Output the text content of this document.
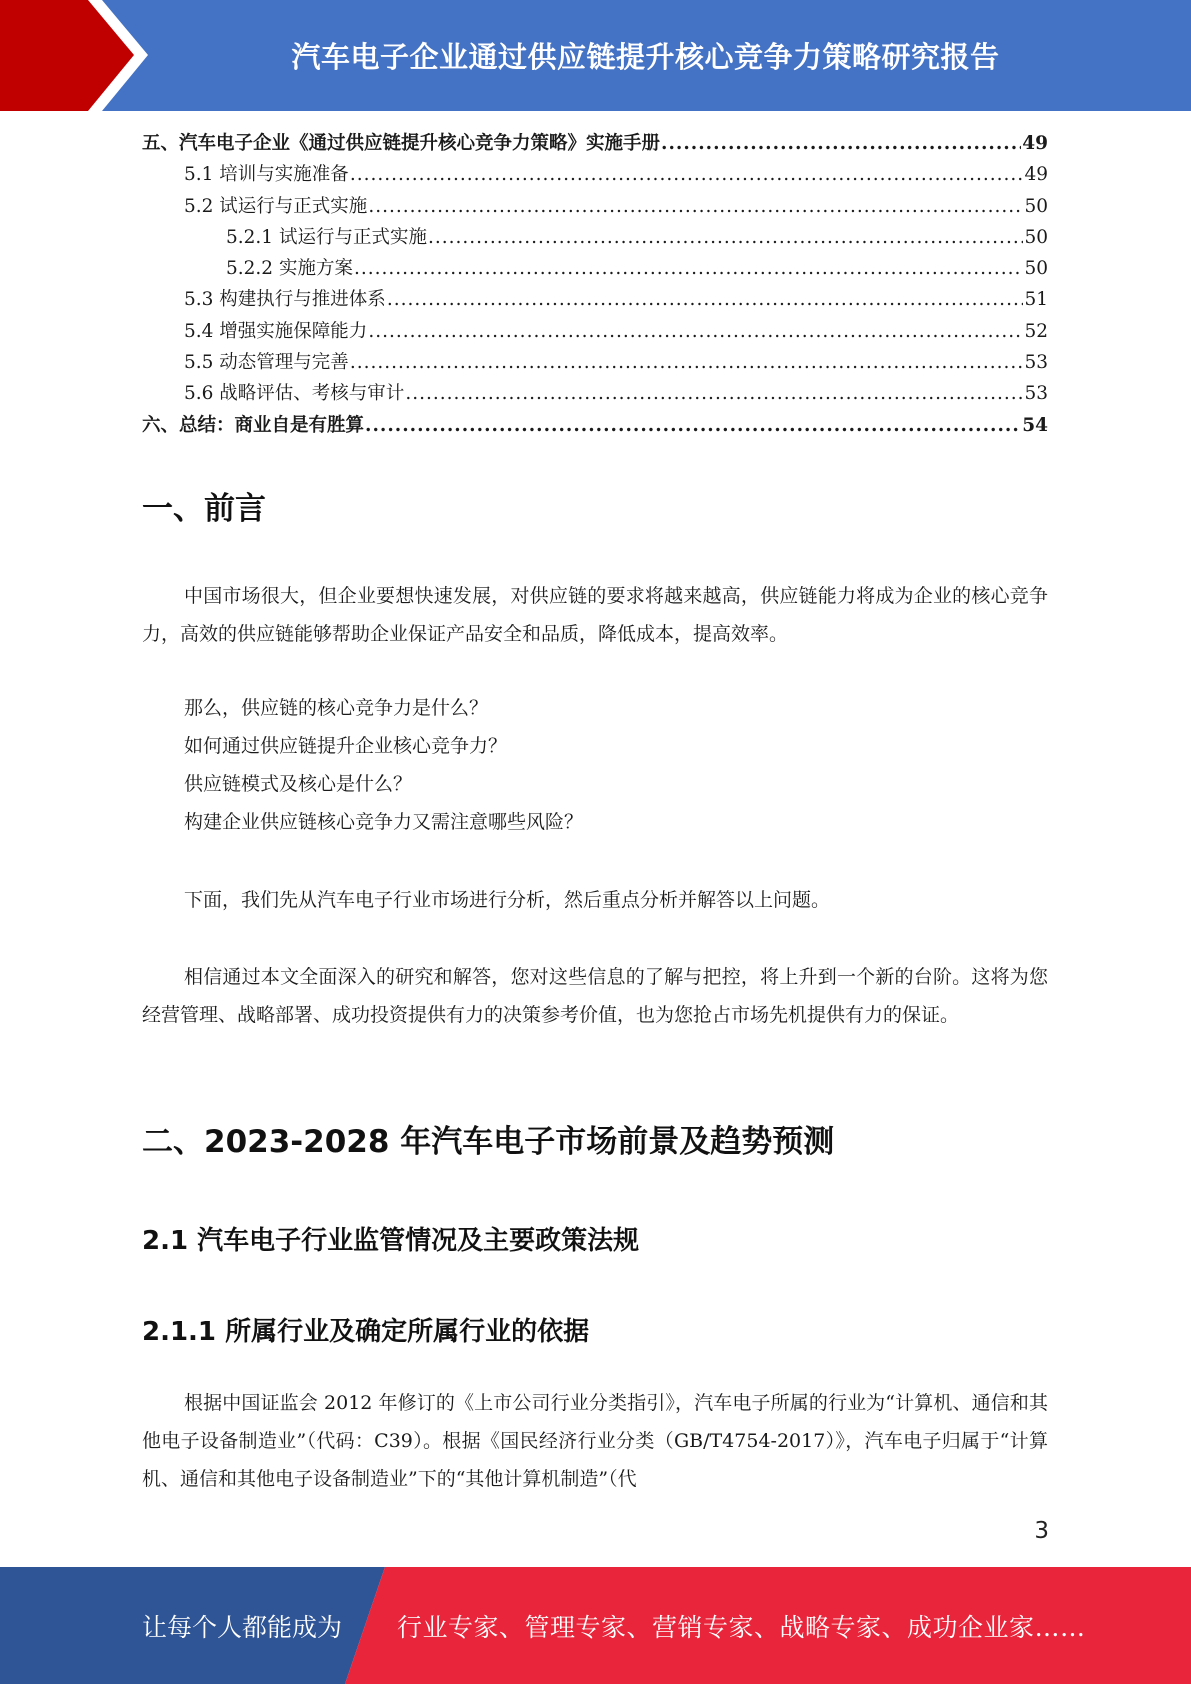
汽车电子企业通过供应链提升核心竞争力策略研究报告
五、汽车电子企业《通过供应链提升核心竞争力策略》实施手册 .....	49
5.1 培训与实施准备 .....	49
5.2 试运行与正式实施 .....	50
5.2.1 试运行与正式实施 .....	50
5.2.2 实施方案 .....	50
5.3 构建执行与推进体系 .....	51
5.4 增强实施保障能力 .....	52
5.5 动态管理与完善 .....	53
5.6 战略评估、考核与审计 .....	53
六、总结：商业自是有胜算 .....	54
一、前言

中国市场很大，但企业要想快速发展，对供应链的要求将越来越高，供应链能力将成为企业的核心竞争力，高效的供应链能够帮助企业保证产品安全和品质，降低成本，提高效率。

那么，供应链的核心竞争力是什么？

如何通过供应链提升企业核心竞争力？

供应链模式及核心是什么？

构建企业供应链核心竞争力又需注意哪些风险？

下面，我们先从汽车电子行业市场进行分析，然后重点分析并解答以上问题。

相信通过本文全面深入的研究和解答，您对这些信息的了解与把控，将上升到一个新的台阶。这将为您经营管理、战略部署、成功投资提供有力的决策参考价值，也为您抢占市场先机提供有力的保证。

二、2023-2028 年汽车电子市场前景及趋势预测
2.1 汽车电子行业监管情况及主要政策法规
2.1.1 所属行业及确定所属行业的依据

根据中国证监会 2012 年修订的《上市公司行业分类指引》，汽车电子所属的行业为“计算机、通信和其他电子设备制造业”（代码：C39）。根据《国民经济行业分类（GB/T4754-2017）》，汽车电子归属于“计算机、通信和其他电子设备制造业”下的“其他计算机制造”（代

3
让每个人都能成为 行业专家、管理专家、营销专家、战略专家、成功企业家……
